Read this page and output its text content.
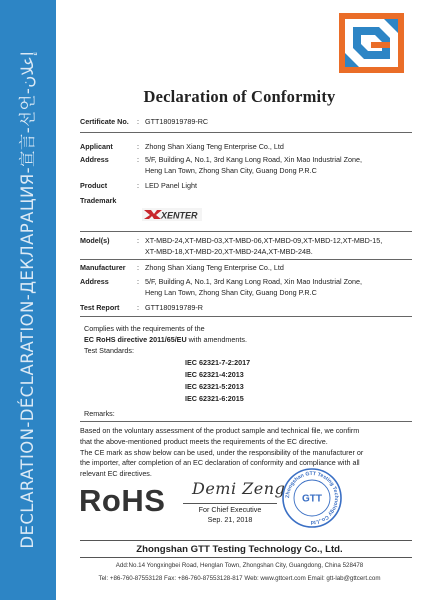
DECLARATION-DÉCLARATION-ДЕКЛАРАЦИЯ-宣言-선언-إعلان
Declaration of Conformity
Certificate No.	: GTT180919789-RC
Applicant	: Zhong Shan Xiang Teng Enterprise Co., Ltd
Address	: 5/F, Building A, No.1, 3rd Kang Long Road, Xin Mao Industrial Zone,
Heng Lan Town, Zhong Shan City, Guang Dong P.R.C
Product	: LED Panel Light
Trademark
XENTER
Model(s)	: XT-MBD-24,XT-MBD-03,XT-MBD-06,XT-MBD-09,XT-MBD-12,XT-MBD-15,
XT-MBD-18,XT-MBD-20,XT-MBD-24A,XT-MBD-24B.
Manufacturer	: Zhong Shan Xiang Teng Enterprise Co., Ltd
Address	: 5/F, Building A, No.1, 3rd Kang Long Road, Xin Mao Industrial Zone,
Heng Lan Town, Zhong Shan City, Guang Dong P.R.C
Test Report	: GTT180919789-R
Complies with the requirements of the
EC RoHS directive 2011/65/EU with amendments.
Test Standards:
IEC 62321-7-2:2017
IEC 62321-4:2013
IEC 62321-5:2013
IEC 62321-6:2015
Remarks:
Based on the voluntary assessment of the product sample and technical file, we confirm
that the above-mentioned product meets the requirements of the EC directive.
The CE mark as show below can be used, under the responsibility of the manufacturer or
the importer, after completion of an EC declaration of conformity and compliance with all
relevant EC directives.
RoHS Demi Zeng
For Chief Executive
Sep. 21, 2018
Zhongshan GTT Testing Technology Co.,Ltd
GTT
Zhongshan GTT Testing Technology Co., Ltd.
Add:No.14 Yongxingbei Road, Henglan Town, Zhongshan City, Guangdong, China 528478
Tel: +86-760-87553128 Fax: +86-760-87553128-817 Web: www.gttcert.com Email: gtt-lab@gttcert.com
